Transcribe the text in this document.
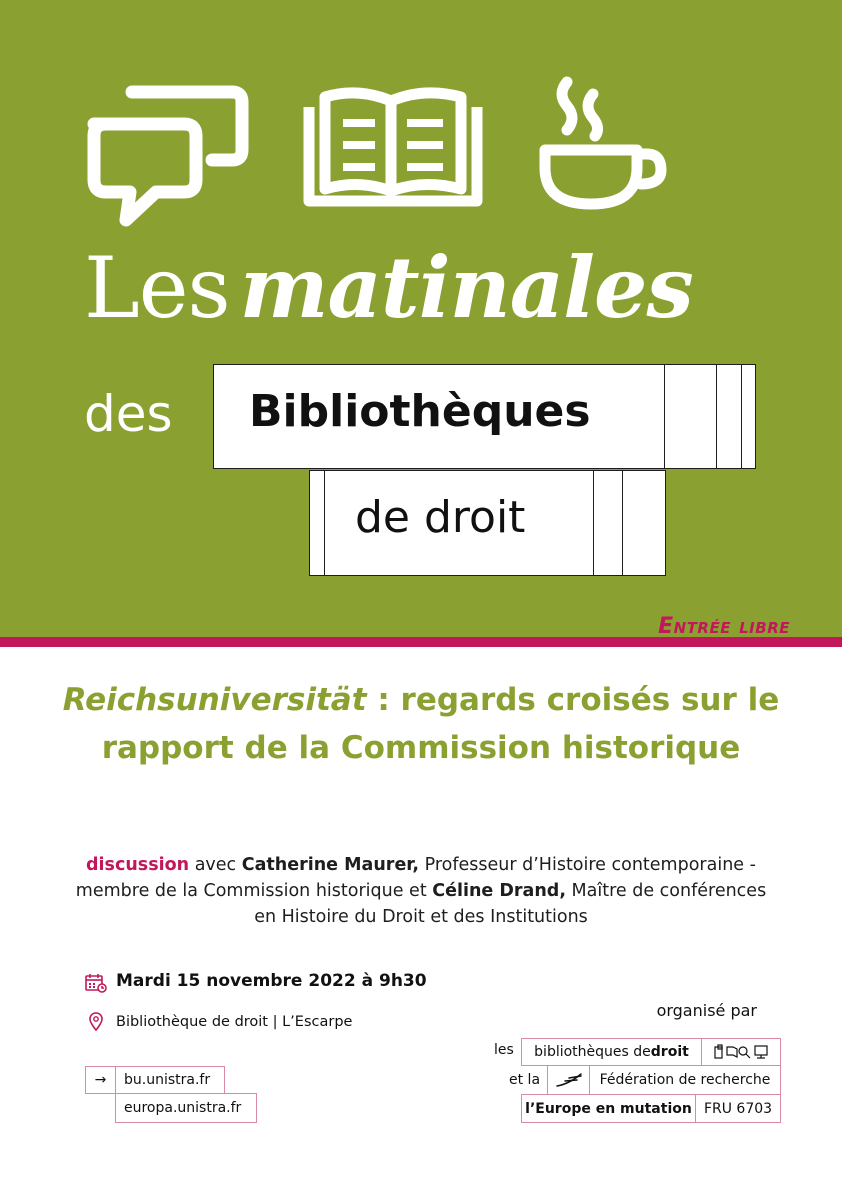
Les matinales
des Bibliothèques
de droit
Entrée libre
Reichsuniversität : regards croisés sur le rapport de la Commission historique

discussion avec Catherine Maurer, Professeur d’Histoire contemporaine - membre de la Commission historique et Céline Drand, Maître de conférences en Histoire du Droit et des Institutions

Mardi 15 novembre 2022 à 9h30
Bibliothèque de droit | L’Escarpe
→ bu.unistra.fr
europa.unistra.fr
organisé par
les bibliothèques de droit
et la	Fédération de recherche
l’Europe en mutation FRU 6703
